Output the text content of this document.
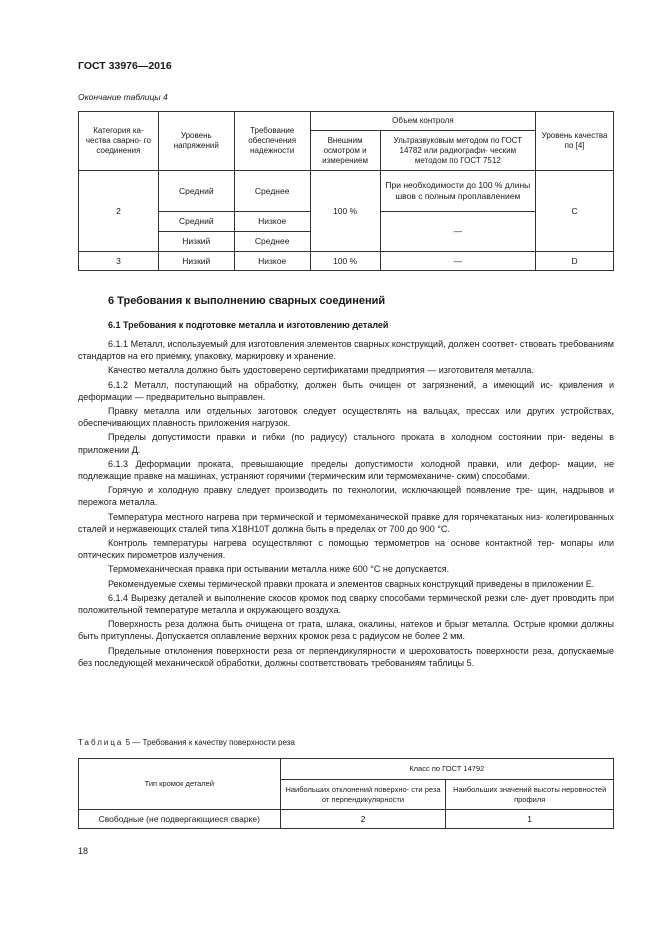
ГОСТ 33976—2016
Окончание таблицы 4
Категория ка- чества сварно- го соединения	Уровень напряжений	Требование обеспечения надежности	Объем контроля		Уровень качества по [4]
			Внешним осмотром и измерением	Ультразвуковым методом по ГОСТ 14782 или радиографи- ческим методом по ГОСТ 7512	
2	Средний	Среднее	100 %	При необходимости до 100 % длины швов с полным проплавлением	C
	Средний	Низкое		—	
	Низкий	Среднее			
3	Низкий	Низкое	100 %	—	D
6 Требования к выполнению сварных соединений
6.1 Требования к подготовке металла и изготовлению деталей

6.1.1 Металл, используемый для изготовления элементов сварных конструкций, должен соответ- ствовать требованиям стандартов на его приемку, упаковку, маркировку и хранение.

Качество металла должно быть удостоверено сертификатами предприятия — изготовителя металла.

6.1.2 Металл, поступающий на обработку, должен быть очищен от загрязнений, а имеющий ис- кривления и деформации — предварительно выправлен.

Правку металла или отдельных заготовок следует осуществлять на вальцах, прессах или других устройствах, обеспечивающих плавность приложения нагрузок.

Пределы допустимости правки и гибки (по радиусу) стального проката в холодном состоянии при- ведены в приложении Д.

6.1.3 Деформации проката, превышающие пределы допустимости холодной правки, или дефор- мации, не подлежащие правке на машинах, устраняют горячими (термическим или термомеханиче- ским) способами.

Горячую и холодную правку следует производить по технологии, исключающей появление тре- щин, надрывов и пережога металла.

Температура местного нагрева при термической и термомеханической правке для горячекатаных низ- колегированных сталей и нержавеющих сталей типа Х18Н10Т должна быть в пределах от 700 до 900 °С.

Контроль температуры нагрева осуществляют с помощью термометров на основе контактной тер- мопары или оптических пирометров излучения.

Термомеханическая правка при остывании металла ниже 600 °С не допускается.

Рекомендуемые схемы термической правки проката и элементов сварных конструкций приведены в приложении Е.

6.1.4 Вырезку деталей и выполнение скосов кромок под сварку способами термической резки сле- дует проводить при положительной температуре металла и окружающего воздуха.

Поверхность реза должна быть очищена от грата, шлака, окалины, натеков и брызг металла. Острые кромки должны быть притуплены. Допускается оплавление верхних кромок реза с радиусом не более 2 мм.

Предельные отклонения поверхности реза от перпендикулярности и шероховатость поверхности реза, допускаемые без последующей механической обработки, должны соответствовать требованиям таблицы 5.

Таблица 5 — Требования к качеству поверхности реза
Тип кромок деталей	Класс по ГОСТ 14792	
	Наибольших отклонений поверхно- сти реза от перпендикулярности	Наибольших значений высоты неровностей профиля
Свободные (не подвергающиеся сварке)	2	1
18
